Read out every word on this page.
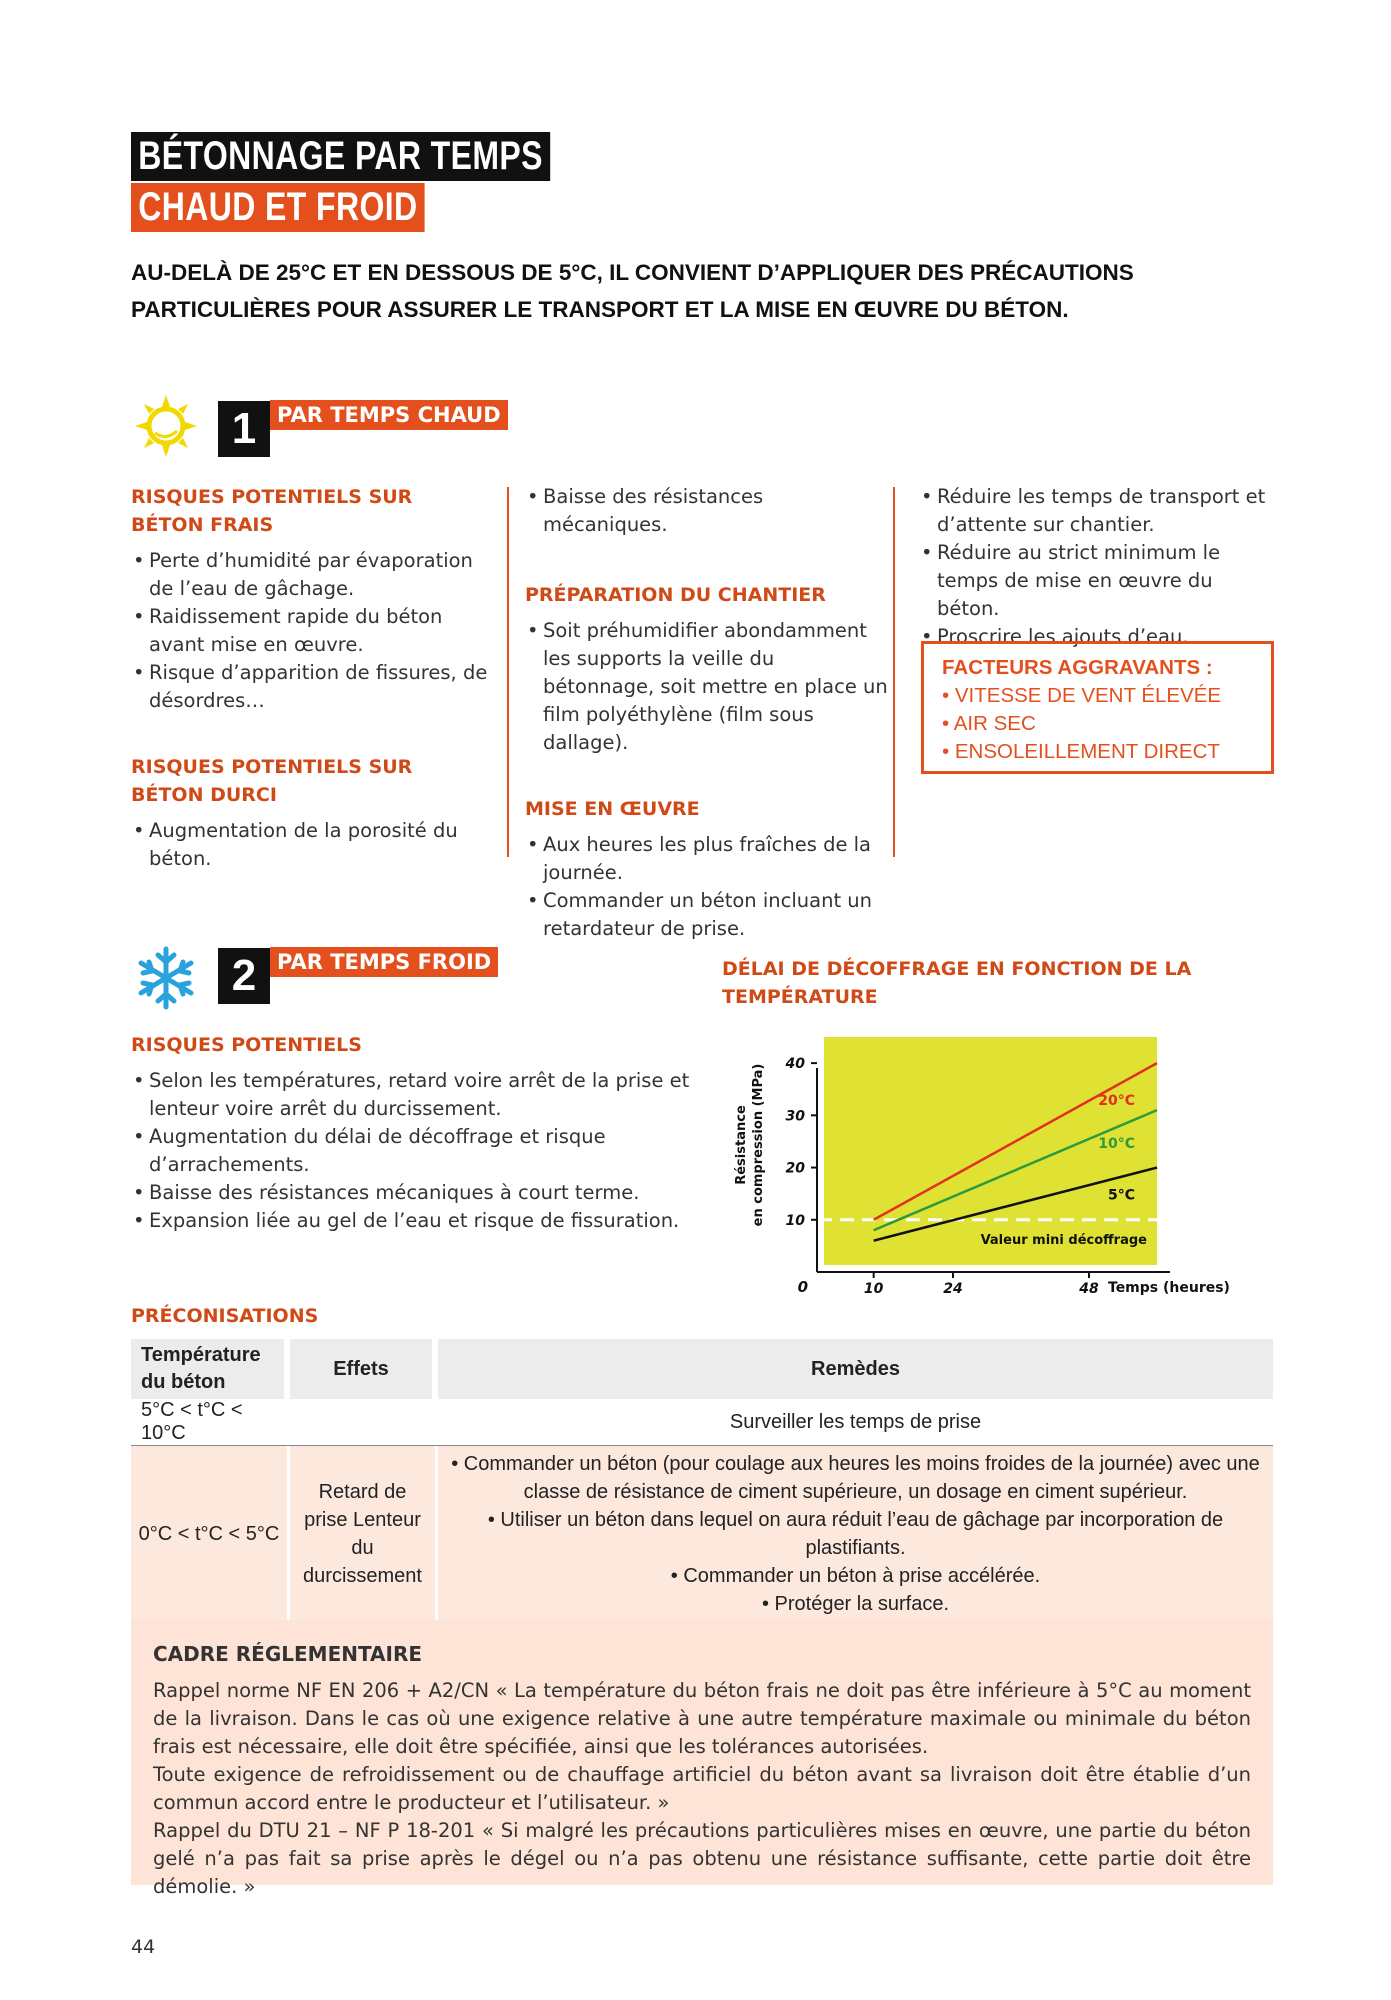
BÉTONNAGE PAR TEMPS
CHAUD ET FROID
AU-DELÀ DE 25°C ET EN DESSOUS DE 5°C, IL CONVIENT D’APPLIQUER DES PRÉCAUTIONS PARTICULIÈRES POUR ASSURER LE TRANSPORT ET LA MISE EN ŒUVRE DU BÉTON.
1 PAR TEMPS CHAUD
RISQUES POTENTIELS SUR BÉTON FRAIS
• Perte d’humidité par évaporation de l’eau de gâchage.
• Raidissement rapide du béton avant mise en œuvre.
• Risque d’apparition de fissures, de désordres…
RISQUES POTENTIELS SUR BÉTON DURCI
• Augmentation de la porosité du béton.
• Baisse des résistances mécaniques.
PRÉPARATION DU CHANTIER
• Soit préhumidifier abondamment les supports la veille du bétonnage, soit mettre en place un film polyéthylène (film sous dallage).
MISE EN ŒUVRE
• Aux heures les plus fraîches de la journée.
• Commander un béton incluant un retardateur de prise.
• Réduire les temps de transport et d’attente sur chantier.
• Réduire au strict minimum le temps de mise en œuvre du béton.
• Proscrire les ajouts d’eau.
FACTEURS AGGRAVANTS :
• VITESSE DE VENT ÉLEVÉE
• AIR SEC
• ENSOLEILLEMENT DIRECT
2 PAR TEMPS FROID
RISQUES POTENTIELS
• Selon les températures, retard voire arrêt de la prise et lenteur voire arrêt du durcissement.
• Augmentation du délai de décoffrage et risque d’arrachements.
• Baisse des résistances mécaniques à court terme.
• Expansion liée au gel de l’eau et risque de fissuration.
DÉLAI DE DÉCOFFRAGE EN FONCTION DE LA TEMPÉRATURE
10
20
30
40
10	24	48
Valeur mini décoffrage
20°C
10°C
5°C
0
Résistance en compression (MPa)
Temps (heures)
PRÉCONISATIONS
Température du béton	Effets	Remèdes
5°C < t°C < 10°C		Surveiller les temps de prise
0°C < t°C < 5°C	Retard de prise Lenteur du durcissement	• Commander un béton (pour coulage aux heures les moins froides de la journée) avec une classe de résistance de ciment supérieure, un dosage en ciment supérieur.
• Utiliser un béton dans lequel on aura réduit l’eau de gâchage par incorporation de plastifiants.
• Commander un béton à prise accélérée.
• Protéger la surface.
CADRE RÉGLEMENTAIRE

Rappel norme NF EN 206 + A2/CN « La température du béton frais ne doit pas être inférieure à 5°C au moment de la livraison. Dans le cas où une exigence relative à une autre température maximale ou minimale du béton frais est nécessaire, elle doit être spécifiée, ainsi que les tolérances autorisées.

Toute exigence de refroidissement ou de chauffage artificiel du béton avant sa livraison doit être établie d’un commun accord entre le producteur et l’utilisateur. »

Rappel du DTU 21 – NF P 18-201 « Si malgré les précautions particulières mises en œuvre, une partie du béton gelé n’a pas fait sa prise après le dégel ou n’a pas obtenu une résistance suffisante, cette partie doit être démolie. »

44
